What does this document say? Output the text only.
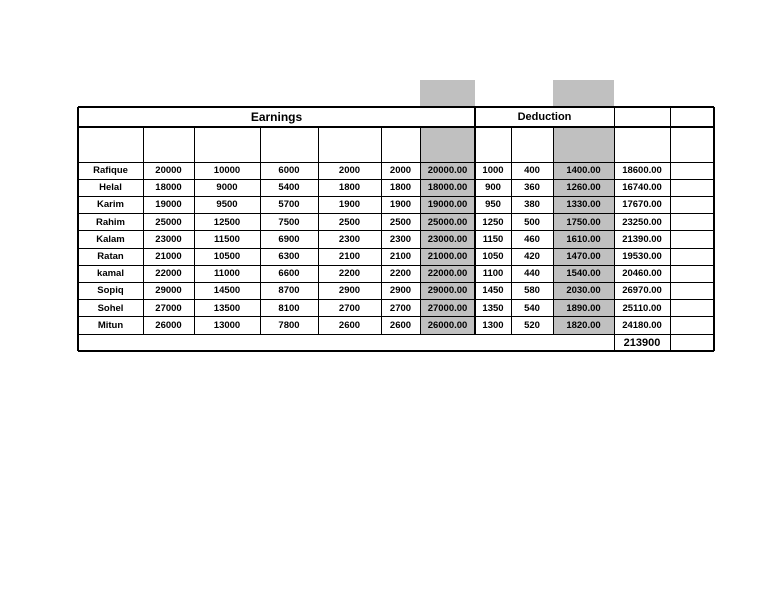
Earnings	Deduction
Rafique	20000	10000	6000	2000	2000	20000.00	1000	400	1400.00	18600.00
Helal	18000	9000	5400	1800	1800	18000.00	900	360	1260.00	16740.00
Karim	19000	9500	5700	1900	1900	19000.00	950	380	1330.00	17670.00
Rahim	25000	12500	7500	2500	2500	25000.00	1250	500	1750.00	23250.00
Kalam	23000	11500	6900	2300	2300	23000.00	1150	460	1610.00	21390.00
Ratan	21000	10500	6300	2100	2100	21000.00	1050	420	1470.00	19530.00
kamal	22000	11000	6600	2200	2200	22000.00	1100	440	1540.00	20460.00
Sopiq	29000	14500	8700	2900	2900	29000.00	1450	580	2030.00	26970.00
Sohel	27000	13500	8100	2700	2700	27000.00	1350	540	1890.00	25110.00
Mitun	26000	13000	7800	2600	2600	26000.00	1300	520	1820.00	24180.00
213900
